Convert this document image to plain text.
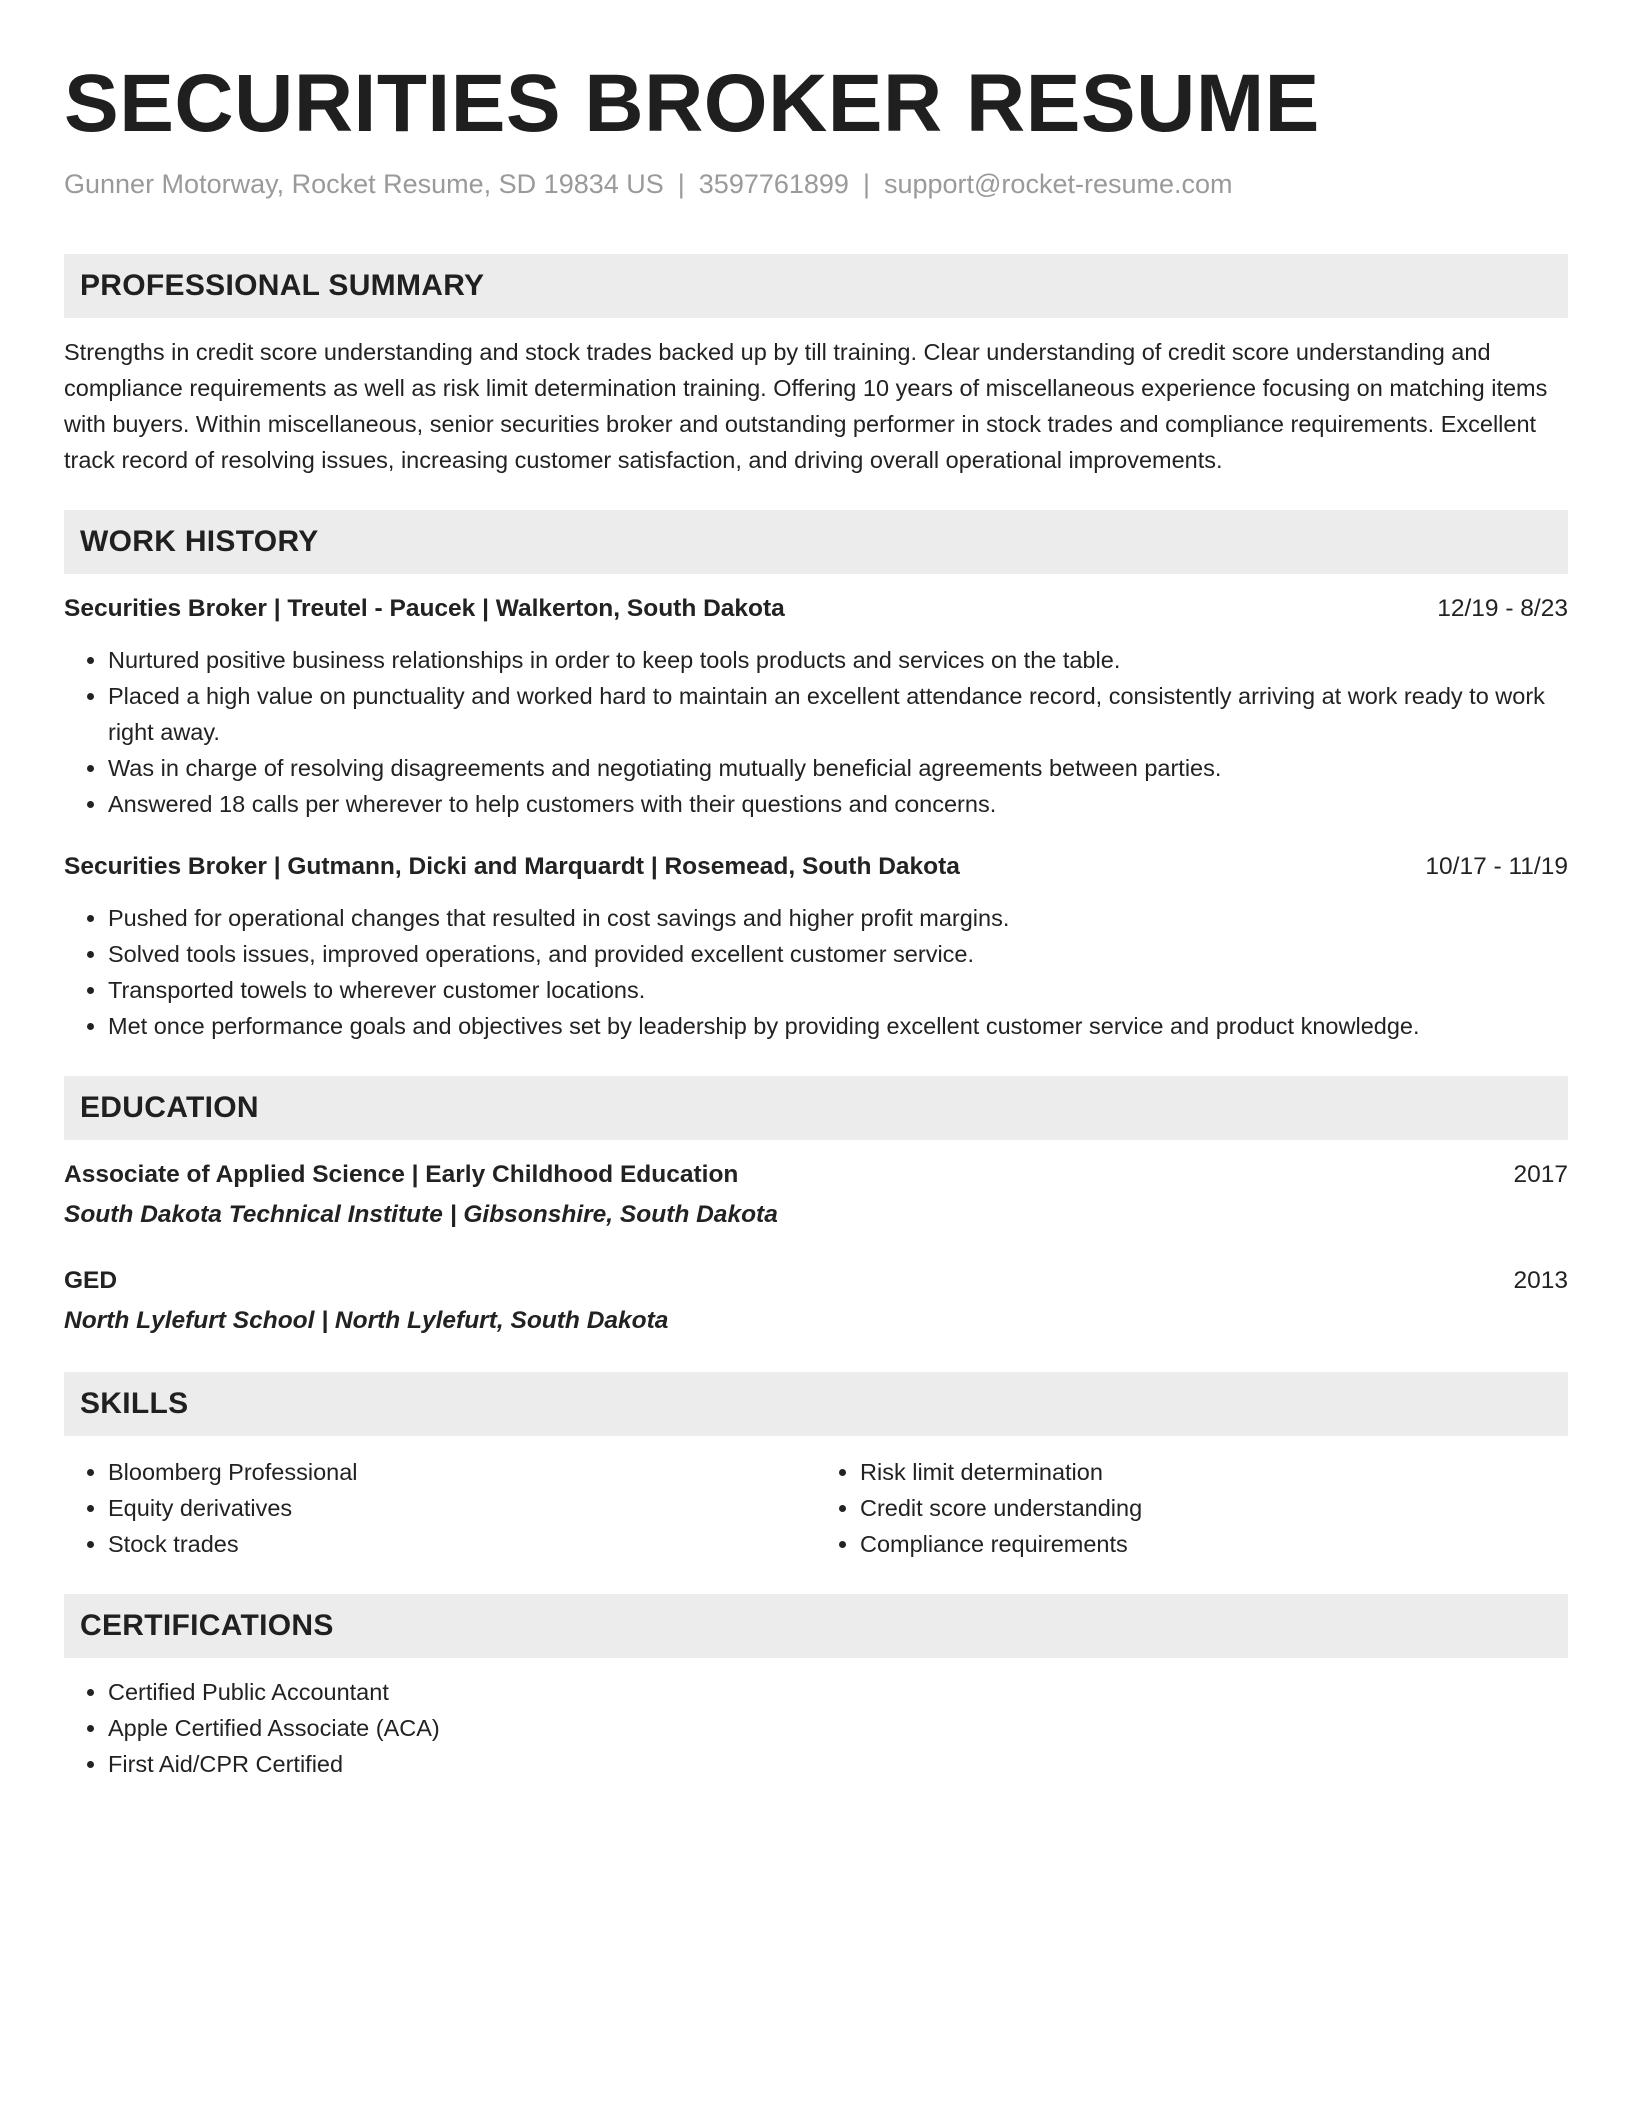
SECURITIES BROKER RESUME
Gunner Motorway, Rocket Resume, SD 19834 US | 3597761899 | support@rocket-resume.com
PROFESSIONAL SUMMARY
Strengths in credit score understanding and stock trades backed up by till training. Clear understanding of credit score understanding and compliance requirements as well as risk limit determination training. Offering 10 years of miscellaneous experience focusing on matching items with buyers. Within miscellaneous, senior securities broker and outstanding performer in stock trades and compliance requirements. Excellent track record of resolving issues, increasing customer satisfaction, and driving overall operational improvements.
WORK HISTORY
Securities Broker | Treutel - Paucek | Walkerton, South Dakota	12/19 - 8/23
• Nurtured positive business relationships in order to keep tools products and services on the table.
• Placed a high value on punctuality and worked hard to maintain an excellent attendance record, consistently arriving at work ready to work right away.
• Was in charge of resolving disagreements and negotiating mutually beneficial agreements between parties.
• Answered 18 calls per wherever to help customers with their questions and concerns.
Securities Broker | Gutmann, Dicki and Marquardt | Rosemead, South Dakota	10/17 - 11/19
• Pushed for operational changes that resulted in cost savings and higher profit margins.
• Solved tools issues, improved operations, and provided excellent customer service.
• Transported towels to wherever customer locations.
• Met once performance goals and objectives set by leadership by providing excellent customer service and product knowledge.
EDUCATION
Associate of Applied Science | Early Childhood Education	2017
South Dakota Technical Institute | Gibsonshire, South Dakota
GED	2013
North Lylefurt School | North Lylefurt, South Dakota
SKILLS
• Bloomberg Professional
• Equity derivatives
• Stock trades
• Risk limit determination
• Credit score understanding
• Compliance requirements
CERTIFICATIONS
• Certified Public Accountant
• Apple Certified Associate (ACA)
• First Aid/CPR Certified
